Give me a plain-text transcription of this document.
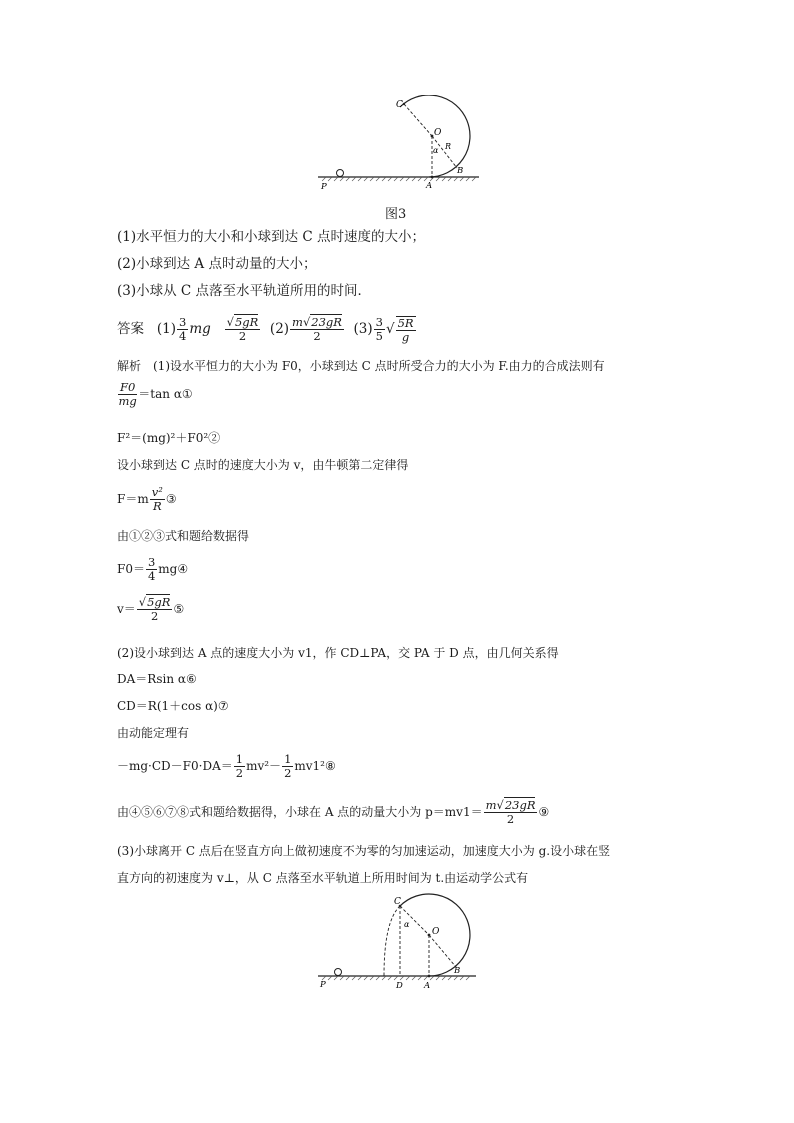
C
O
α R
B
A
P
图3
(1)水平恒力的大小和小球到达 C 点时速度的大小；
(2)小球到达 A 点时动量的大小；
(3)小球从 C 点落至水平轨道所用的时间．
答案 $(1) \frac{3}{4}$ mg √ $\frac{5gR}{2} (2) \frac{m √ 23gR}{2} (3) \frac{3}{5}$ √ $\frac{5R}{g}$
解析　(1)设水平恒力的大小为 F0，小球到达 C 点时所受合力的大小为 F.由力的合成法则有
$\frac{F0}{mg} =\tan$ α①
F²＝(mg)²＋F0²②
设小球到达 C 点时的速度大小为 v，由牛顿第二定律得
$F=m \frac{\text{v²}}{R}$ ③
由①②③式和题给数据得
$F0= \frac{3}{4}$ mg④
v＝ √ $\frac{5gR}{2}$ ⑤
(2)设小球到达 A 点的速度大小为 v1，作 CD⊥PA，交 PA 于 D 点，由几何关系得
DA＝Rsin α⑥
CD＝R(1＋cos α)⑦
由动能定理有
$-mg\cdot CD-F0\cdot DA= \frac{1}{2} mv^2- \frac{1}{2}$ mv1²⑧
由④⑤⑥⑦⑧式和题给数据得，小球在 A 点的动量大小为 $p=mv1= \frac{m √ 23gR}{2}$ ⑨
(3)小球离开 C 点后在竖直方向上做初速度不为零的匀加速运动，加速度大小为 g.设小球在竖
直方向的初速度为 v⊥，从 C 点落至水平轨道上所用时间为 t.由运动学公式有
C
α
O
B
P	D A
